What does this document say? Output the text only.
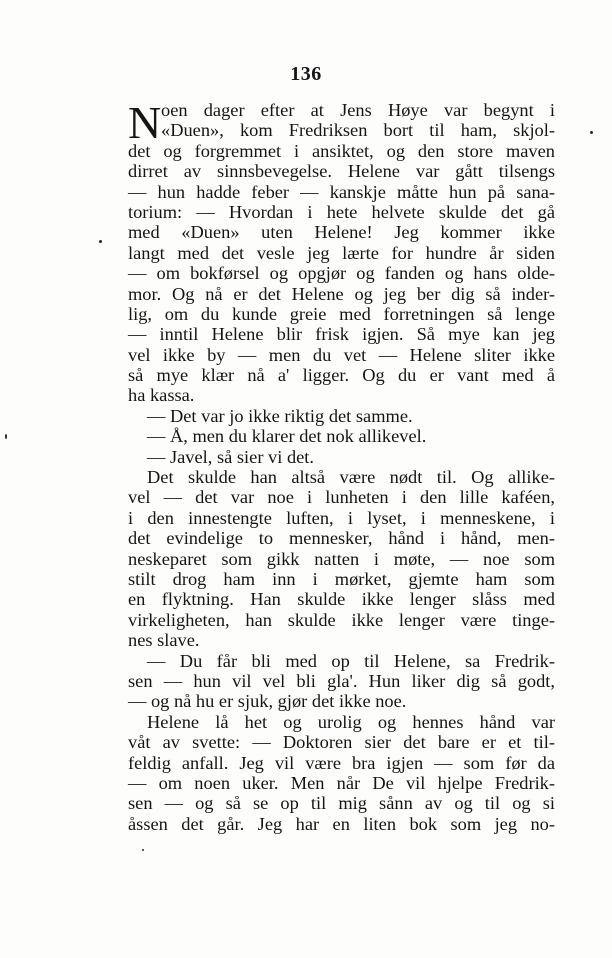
136
N oen dager efter at Jens Høye var begynt i
«Duen», kom Fredriksen bort til ham, skjol-
det og forgremmet i ansiktet, og den store maven
dirret av sinnsbevegelse. Helene var gått tilsengs
— hun hadde feber — kanskje måtte hun på sana-
torium: — Hvordan i hete helvete skulde det gå
med «Duen» uten Helene! Jeg kommer ikke
langt med det vesle jeg lærte for hundre år siden
— om bokførsel og opgjør og fanden og hans olde-
mor. Og nå er det Helene og jeg ber dig så inder-
lig, om du kunde greie med forretningen så lenge
— inntil Helene blir frisk igjen. Så mye kan jeg
vel ikke by — men du vet — Helene sliter ikke
så mye klær nå a' ligger. Og du er vant med å
ha kassa.
— Det var jo ikke riktig det samme.
— Å, men du klarer det nok allikevel.
— Javel, så sier vi det.
Det skulde han altså være nødt til. Og allike-
vel — det var noe i lunheten i den lille kaféen,
i den innestengte luften, i lyset, i menneskene, i
det evindelige to mennesker, hånd i hånd, men-
neskeparet som gikk natten i møte, — noe som
stilt drog ham inn i mørket, gjemte ham som
en flyktning. Han skulde ikke lenger slåss med
virkeligheten, han skulde ikke lenger være tinge-
nes slave.
— Du får bli med op til Helene, sa Fredrik-
sen — hun vil vel bli gla'. Hun liker dig så godt,
— og nå hu er sjuk, gjør det ikke noe.
Helene lå het og urolig og hennes hånd var
våt av svette: — Doktoren sier det bare er et til-
feldig anfall. Jeg vil være bra igjen — som før da
— om noen uker. Men når De vil hjelpe Fredrik-
sen — og så se op til mig sånn av og til og si
åssen det går. Jeg har en liten bok som jeg no-
